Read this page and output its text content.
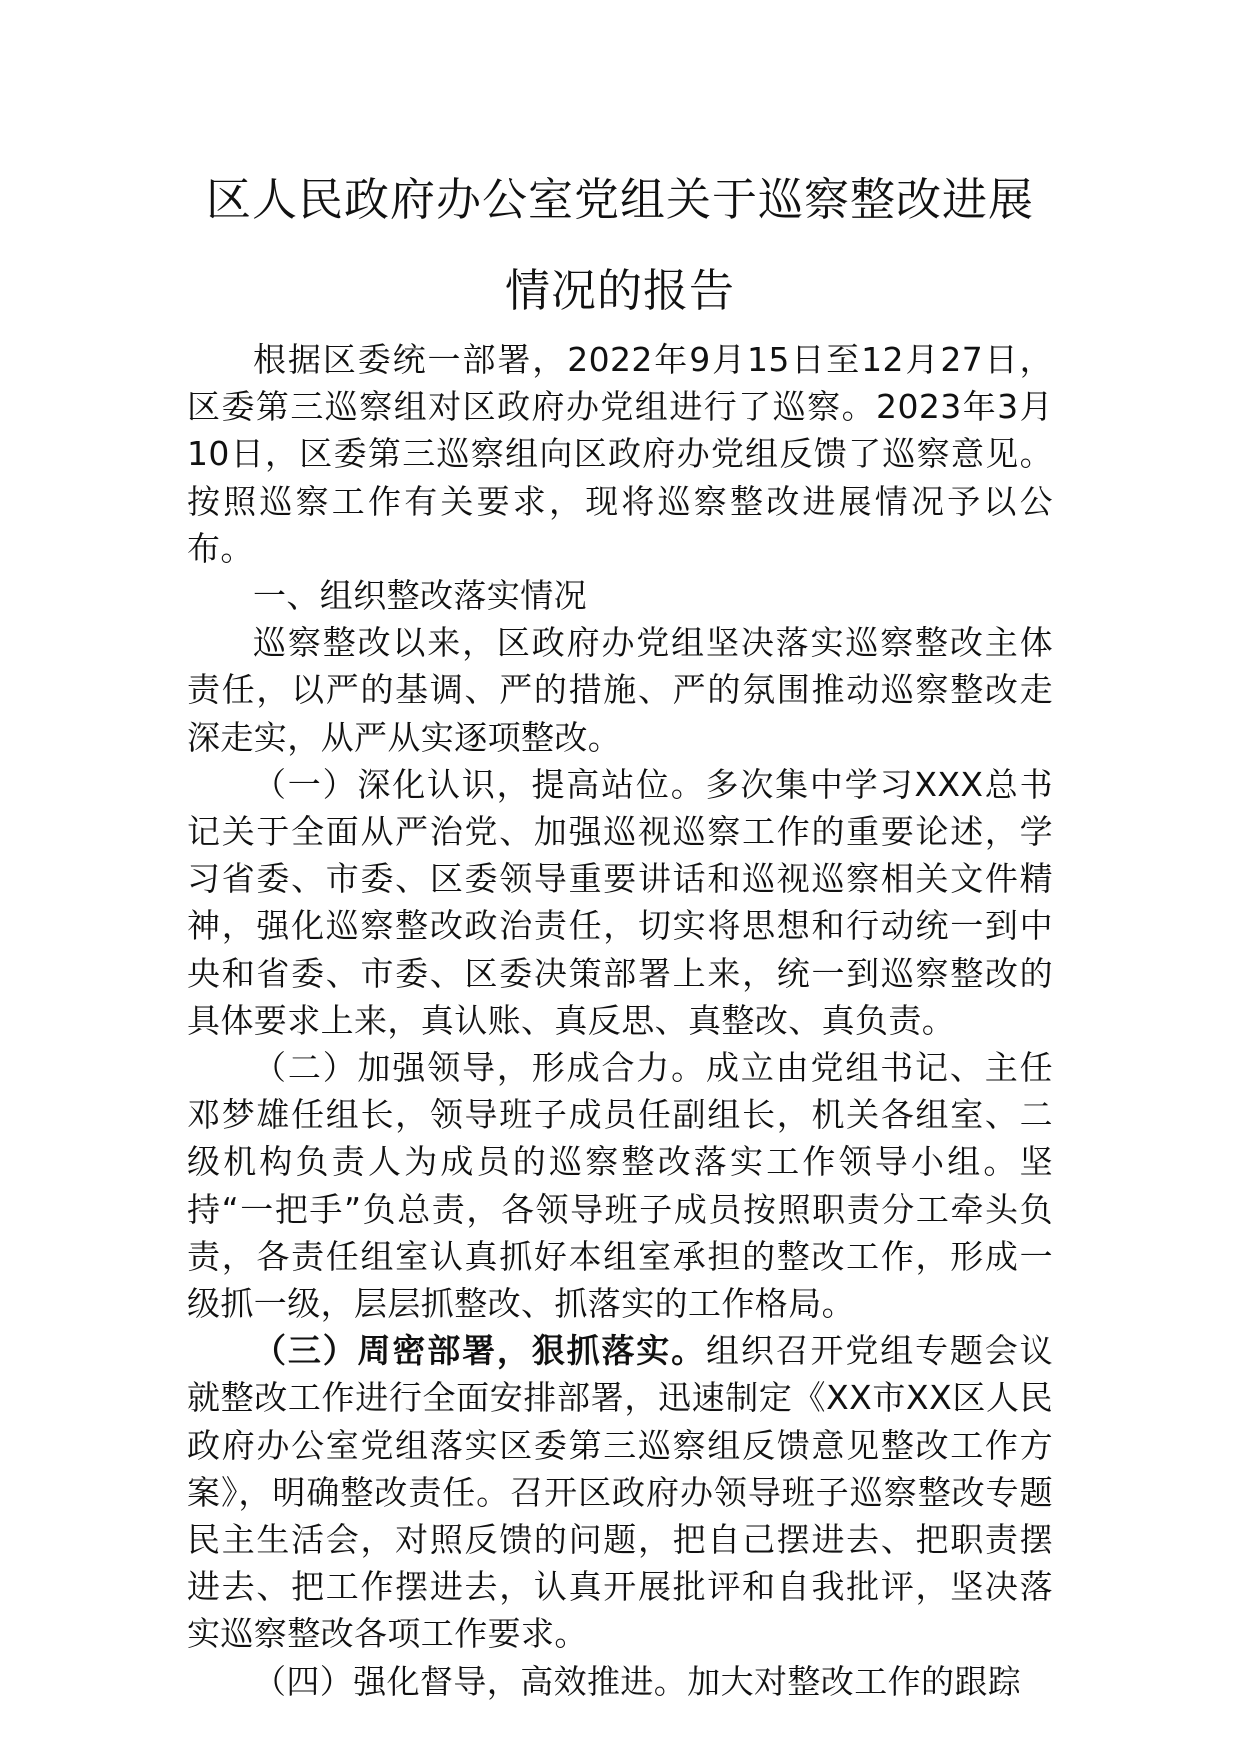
区人民政府办公室党组关于巡察整改进展
情况的报告

根据区委统一部署，2022年9月15日至12月27日，区委第三巡察组对区政府办党组进行了巡察。2023年3月10日，区委第三巡察组向区政府办党组反馈了巡察意见。按照巡察工作有关要求，现将巡察整改进展情况予以公布。

一、组织整改落实情况

巡察整改以来，区政府办党组坚决落实巡察整改主体责任，以严的基调、严的措施、严的氛围推动巡察整改走深走实，从严从实逐项整改。

（一）深化认识，提高站位。多次集中学习XXX总书记关于全面从严治党、加强巡视巡察工作的重要论述，学习省委、市委、区委领导重要讲话和巡视巡察相关文件精神，强化巡察整改政治责任，切实将思想和行动统一到中央和省委、市委、区委决策部署上来，统一到巡察整改的具体要求上来，真认账、真反思、真整改、真负责。

（二）加强领导，形成合力。成立由党组书记、主任邓梦雄任组长，领导班子成员任副组长，机关各组室、二级机构负责人为成员的巡察整改落实工作领导小组。坚持“一把手”负总责，各领导班子成员按照职责分工牵头负责，各责任组室认真抓好本组室承担的整改工作，形成一级抓一级，层层抓整改、抓落实的工作格局。

（三）周密部署，狠抓落实。组织召开党组专题会议就整改工作进行全面安排部署，迅速制定《XX市XX区人民政府办公室党组落实区委第三巡察组反馈意见整改工作方案》，明确整改责任。召开区政府办领导班子巡察整改专题民主生活会，对照反馈的问题，把自己摆进去、把职责摆进去、把工作摆进去，认真开展批评和自我批评，坚决落实巡察整改各项工作要求。

（四）强化督导，高效推进。加大对整改工作的跟踪
